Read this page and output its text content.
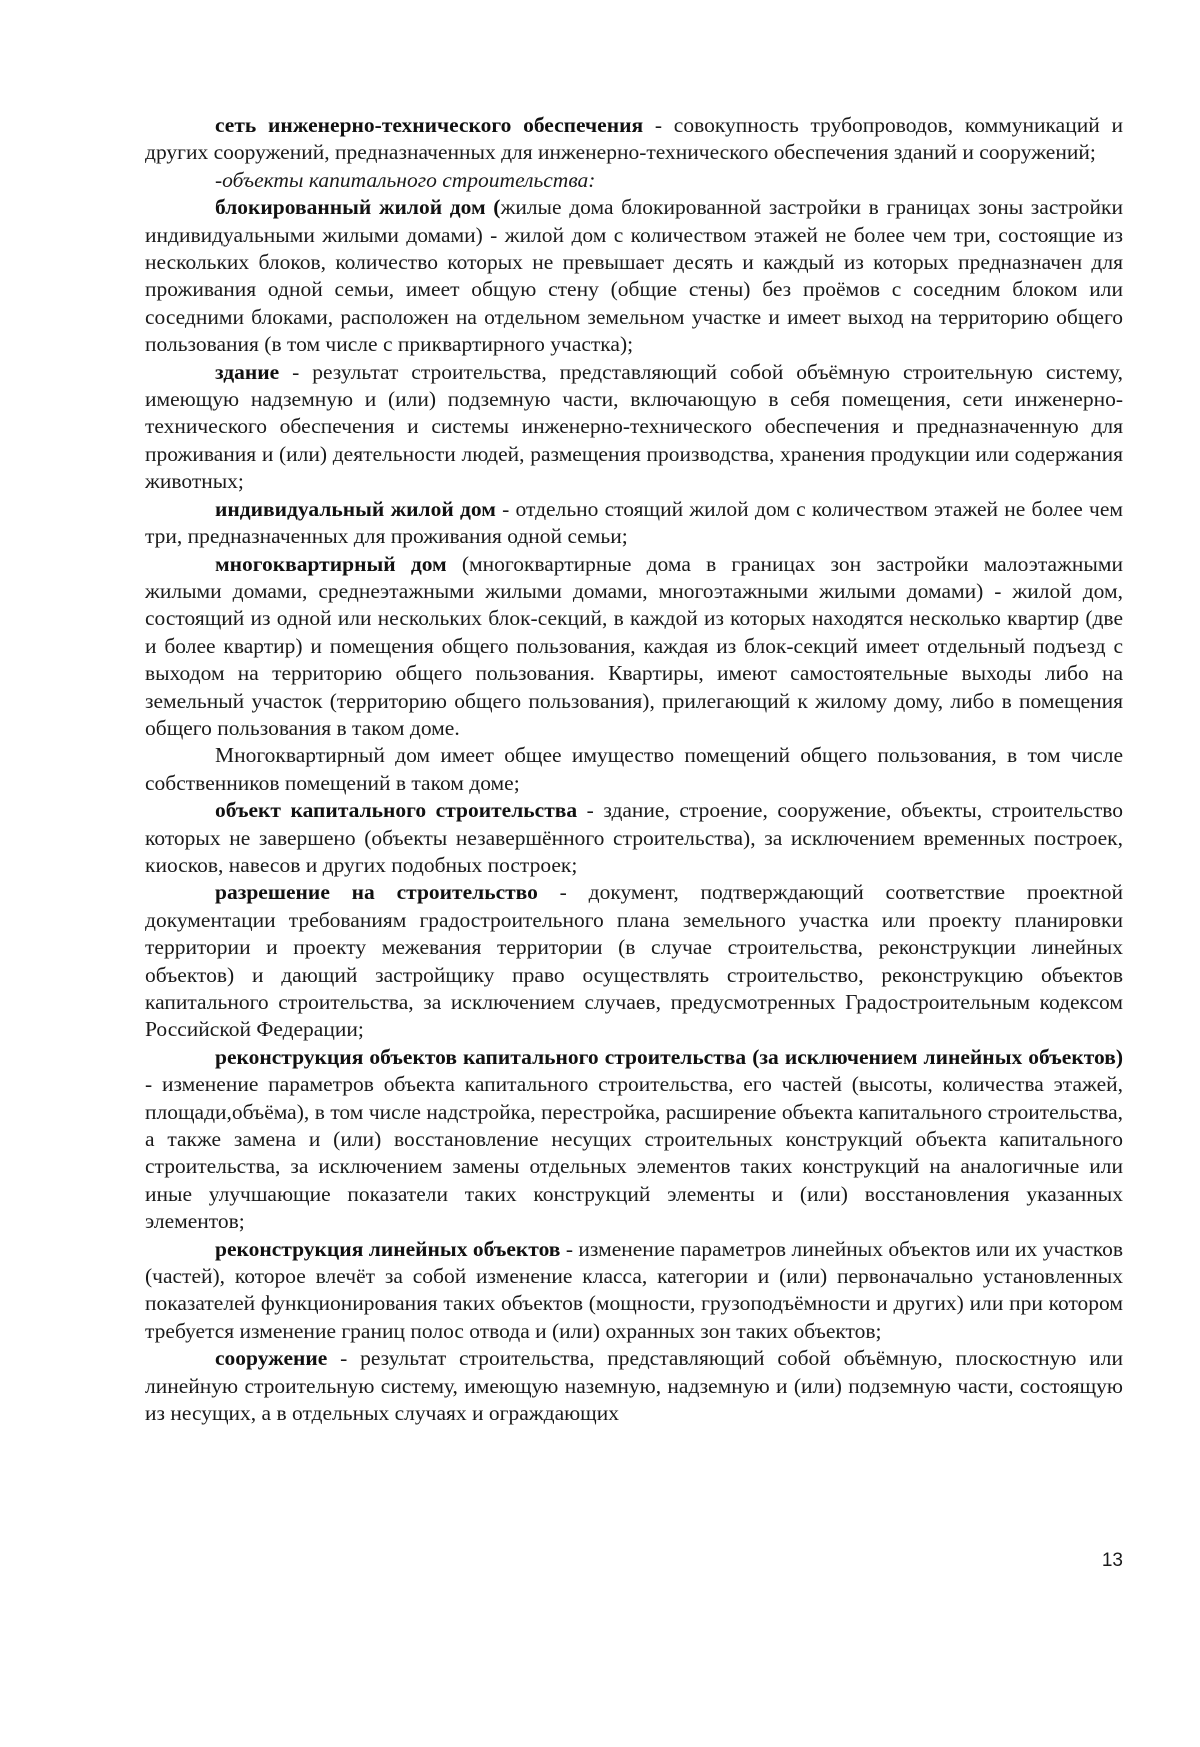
сеть инженерно-технического обеспечения - совокупность трубопроводов, коммуникаций и других сооружений, предназначенных для инженерно-технического обеспечения зданий и сооружений;

-объекты капитального строительства:

блокированный жилой дом (жилые дома блокированной застройки в границах зоны застройки индивидуальными жилыми домами) - жилой дом с количеством этажей не более чем три, состоящие из нескольких блоков, количество которых не превышает десять и каждый из которых предназначен для проживания одной семьи, имеет общую стену (общие стены) без проёмов с соседним блоком или соседними блоками, расположен на отдельном земельном участке и имеет выход на территорию общего пользования (в том числе с приквартирного участка);

здание - результат строительства, представляющий собой объёмную строительную систему, имеющую надземную и (или) подземную части, включающую в себя помещения, сети инженерно-технического обеспечения и системы инженерно-технического обеспечения и предназначенную для проживания и (или) деятельности людей, размещения производства, хранения продукции или содержания животных;

индивидуальный жилой дом - отдельно стоящий жилой дом с количеством этажей не более чем три, предназначенных для проживания одной семьи;

многоквартирный дом (многоквартирные дома в границах зон застройки малоэтажными жилыми домами, среднеэтажными жилыми домами, многоэтажными жилыми домами) - жилой дом, состоящий из одной или нескольких блок-секций, в каждой из которых находятся несколько квартир (две и более квартир) и помещения общего пользования, каждая из блок-секций имеет отдельный подъезд с выходом на территорию общего пользования. Квартиры, имеют самостоятельные выходы либо на земельный участок (территорию общего пользования), прилегающий к жилому дому, либо в помещения общего пользования в таком доме.

Многоквартирный дом имеет общее имущество помещений общего пользования, в том числе собственников помещений в таком доме;

объект капитального строительства - здание, строение, сооружение, объекты, строительство которых не завершено (объекты незавершённого строительства), за исключением временных построек, киосков, навесов и других подобных построек;

разрешение на строительство - документ, подтверждающий соответствие проектной документации требованиям градостроительного плана земельного участка или проекту планировки территории и проекту межевания территории (в случае строительства, реконструкции линейных объектов) и дающий застройщику право осуществлять строительство, реконструкцию объектов капитального строительства, за исключением случаев, предусмотренных Градостроительным кодексом Российской Федерации;

реконструкция объектов капитального строительства (за исключением линейных объектов) - изменение параметров объекта капитального строительства, его частей (высоты, количества этажей, площади,объёма), в том числе надстройка, перестройка, расширение объекта капитального строительства, а также замена и (или) восстановление несущих строительных конструкций объекта капитального строительства, за исключением замены отдельных элементов таких конструкций на аналогичные или иные улучшающие показатели таких конструкций элементы и (или) восстановления указанных элементов;

реконструкция линейных объектов - изменение параметров линейных объектов или их участков (частей), которое влечёт за собой изменение класса, категории и (или) первоначально установленных показателей функционирования таких объектов (мощности, грузоподъёмности и других) или при котором требуется изменение границ полос отвода и (или) охранных зон таких объектов;

сооружение - результат строительства, представляющий собой объёмную, плоскостную или линейную строительную систему, имеющую наземную, надземную и (или) подземную части, состоящую из несущих, а в отдельных случаях и ограждающих

13
